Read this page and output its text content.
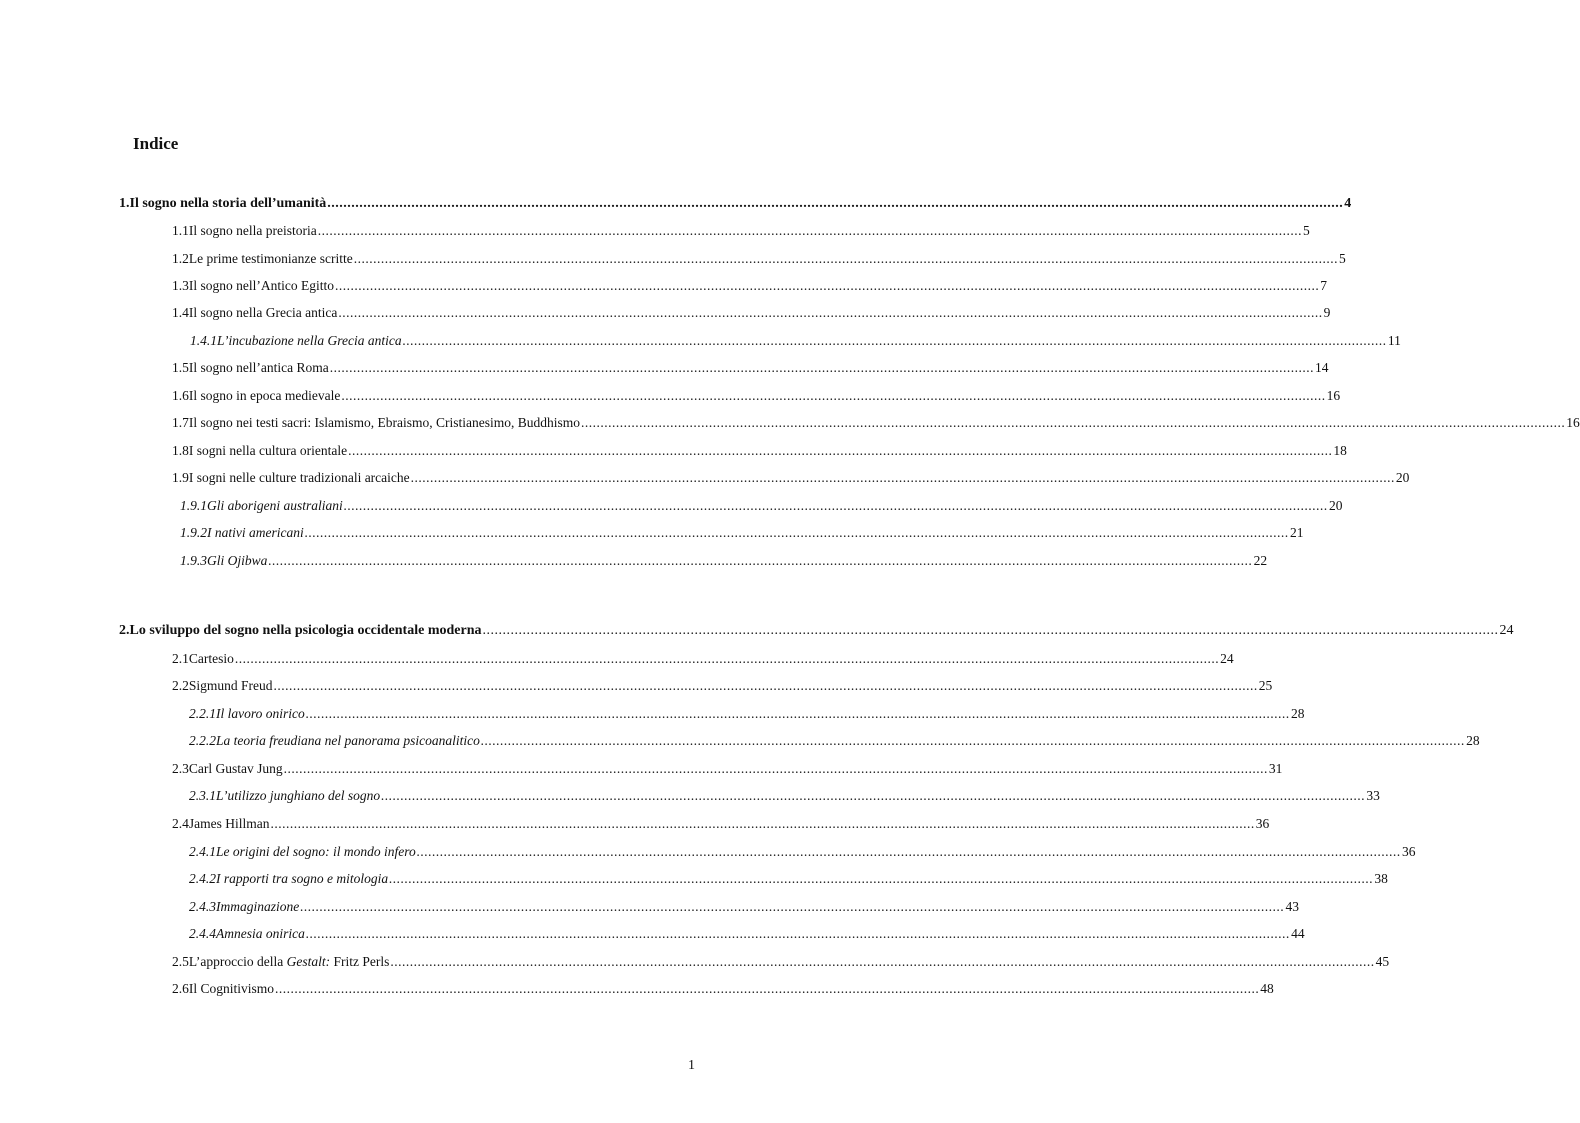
Indice
1. Il sogno nella storia dell’umanità .....	4
1.1 Il sogno nella preistoria .....	5
1.2 Le prime testimonianze scritte .....	5
1.3 Il sogno nell’Antico Egitto .....	7
1.4 Il sogno nella Grecia antica .....	9
1.4.1 L’incubazione nella Grecia antica .....	11
1.5 Il sogno nell’antica Roma .....	14
1.6 Il sogno in epoca medievale .....	16
1.7 Il sogno nei testi sacri: Islamismo, Ebraismo, Cristianesimo, Buddhismo .....	16
1.8 I sogni nella cultura orientale .....	18
1.9 I sogni nelle culture tradizionali arcaiche .....	20
1.9.1 Gli aborigeni australiani .....	20
1.9.2 I nativi americani .....	21
1.9.3 Gli Ojibwa .....	22
2. Lo sviluppo del sogno nella psicologia occidentale moderna .....	24
2.1 Cartesio .....	24
2.2 Sigmund Freud .....	25
2.2.1 Il lavoro onirico .....	28
2.2.2 La teoria freudiana nel panorama psicoanalitico .....	28
2.3 Carl Gustav Jung .....	31
2.3.1 L’utilizzo junghiano del sogno .....	33
2.4 James Hillman .....	36
2.4.1 Le origini del sogno: il mondo infero .....	36
2.4.2 I rapporti tra sogno e mitologia .....	38
2.4.3 Immaginazione .....	43
2.4.4 Amnesia onirica .....	44
2.5 L’approccio della Gestalt: Fritz Perls .....	45
2.6 Il Cognitivismo .....	48
1
